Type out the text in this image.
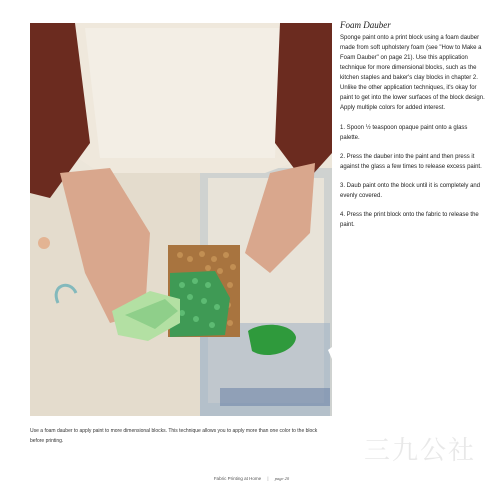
Foam Dauber

Sponge paint onto a print block using a foam dauber made from soft upholstery foam (see "How to Make a Foam Dauber" on page 21). Use this application technique for more dimensional blocks, such as the kitchen staples and baker's clay blocks in chapter 2. Unlike the other application techniques, it's okay for paint to get into the lower surfaces of the block design. Apply multiple colors for added interest.

1. Spoon ½ teaspoon opaque paint onto a glass palette.
2. Press the dauber into the paint and then press it against the glass a few times to release excess paint.
3. Daub paint onto the block until it is completely and evenly covered.
4. Press the print block onto the fabric to release the paint.
Use a foam dauber to apply paint to more dimensional blocks. This technique allows you to apply more than one color to the block before printing.
Fabric Printing at Home | page 20
三九公社
